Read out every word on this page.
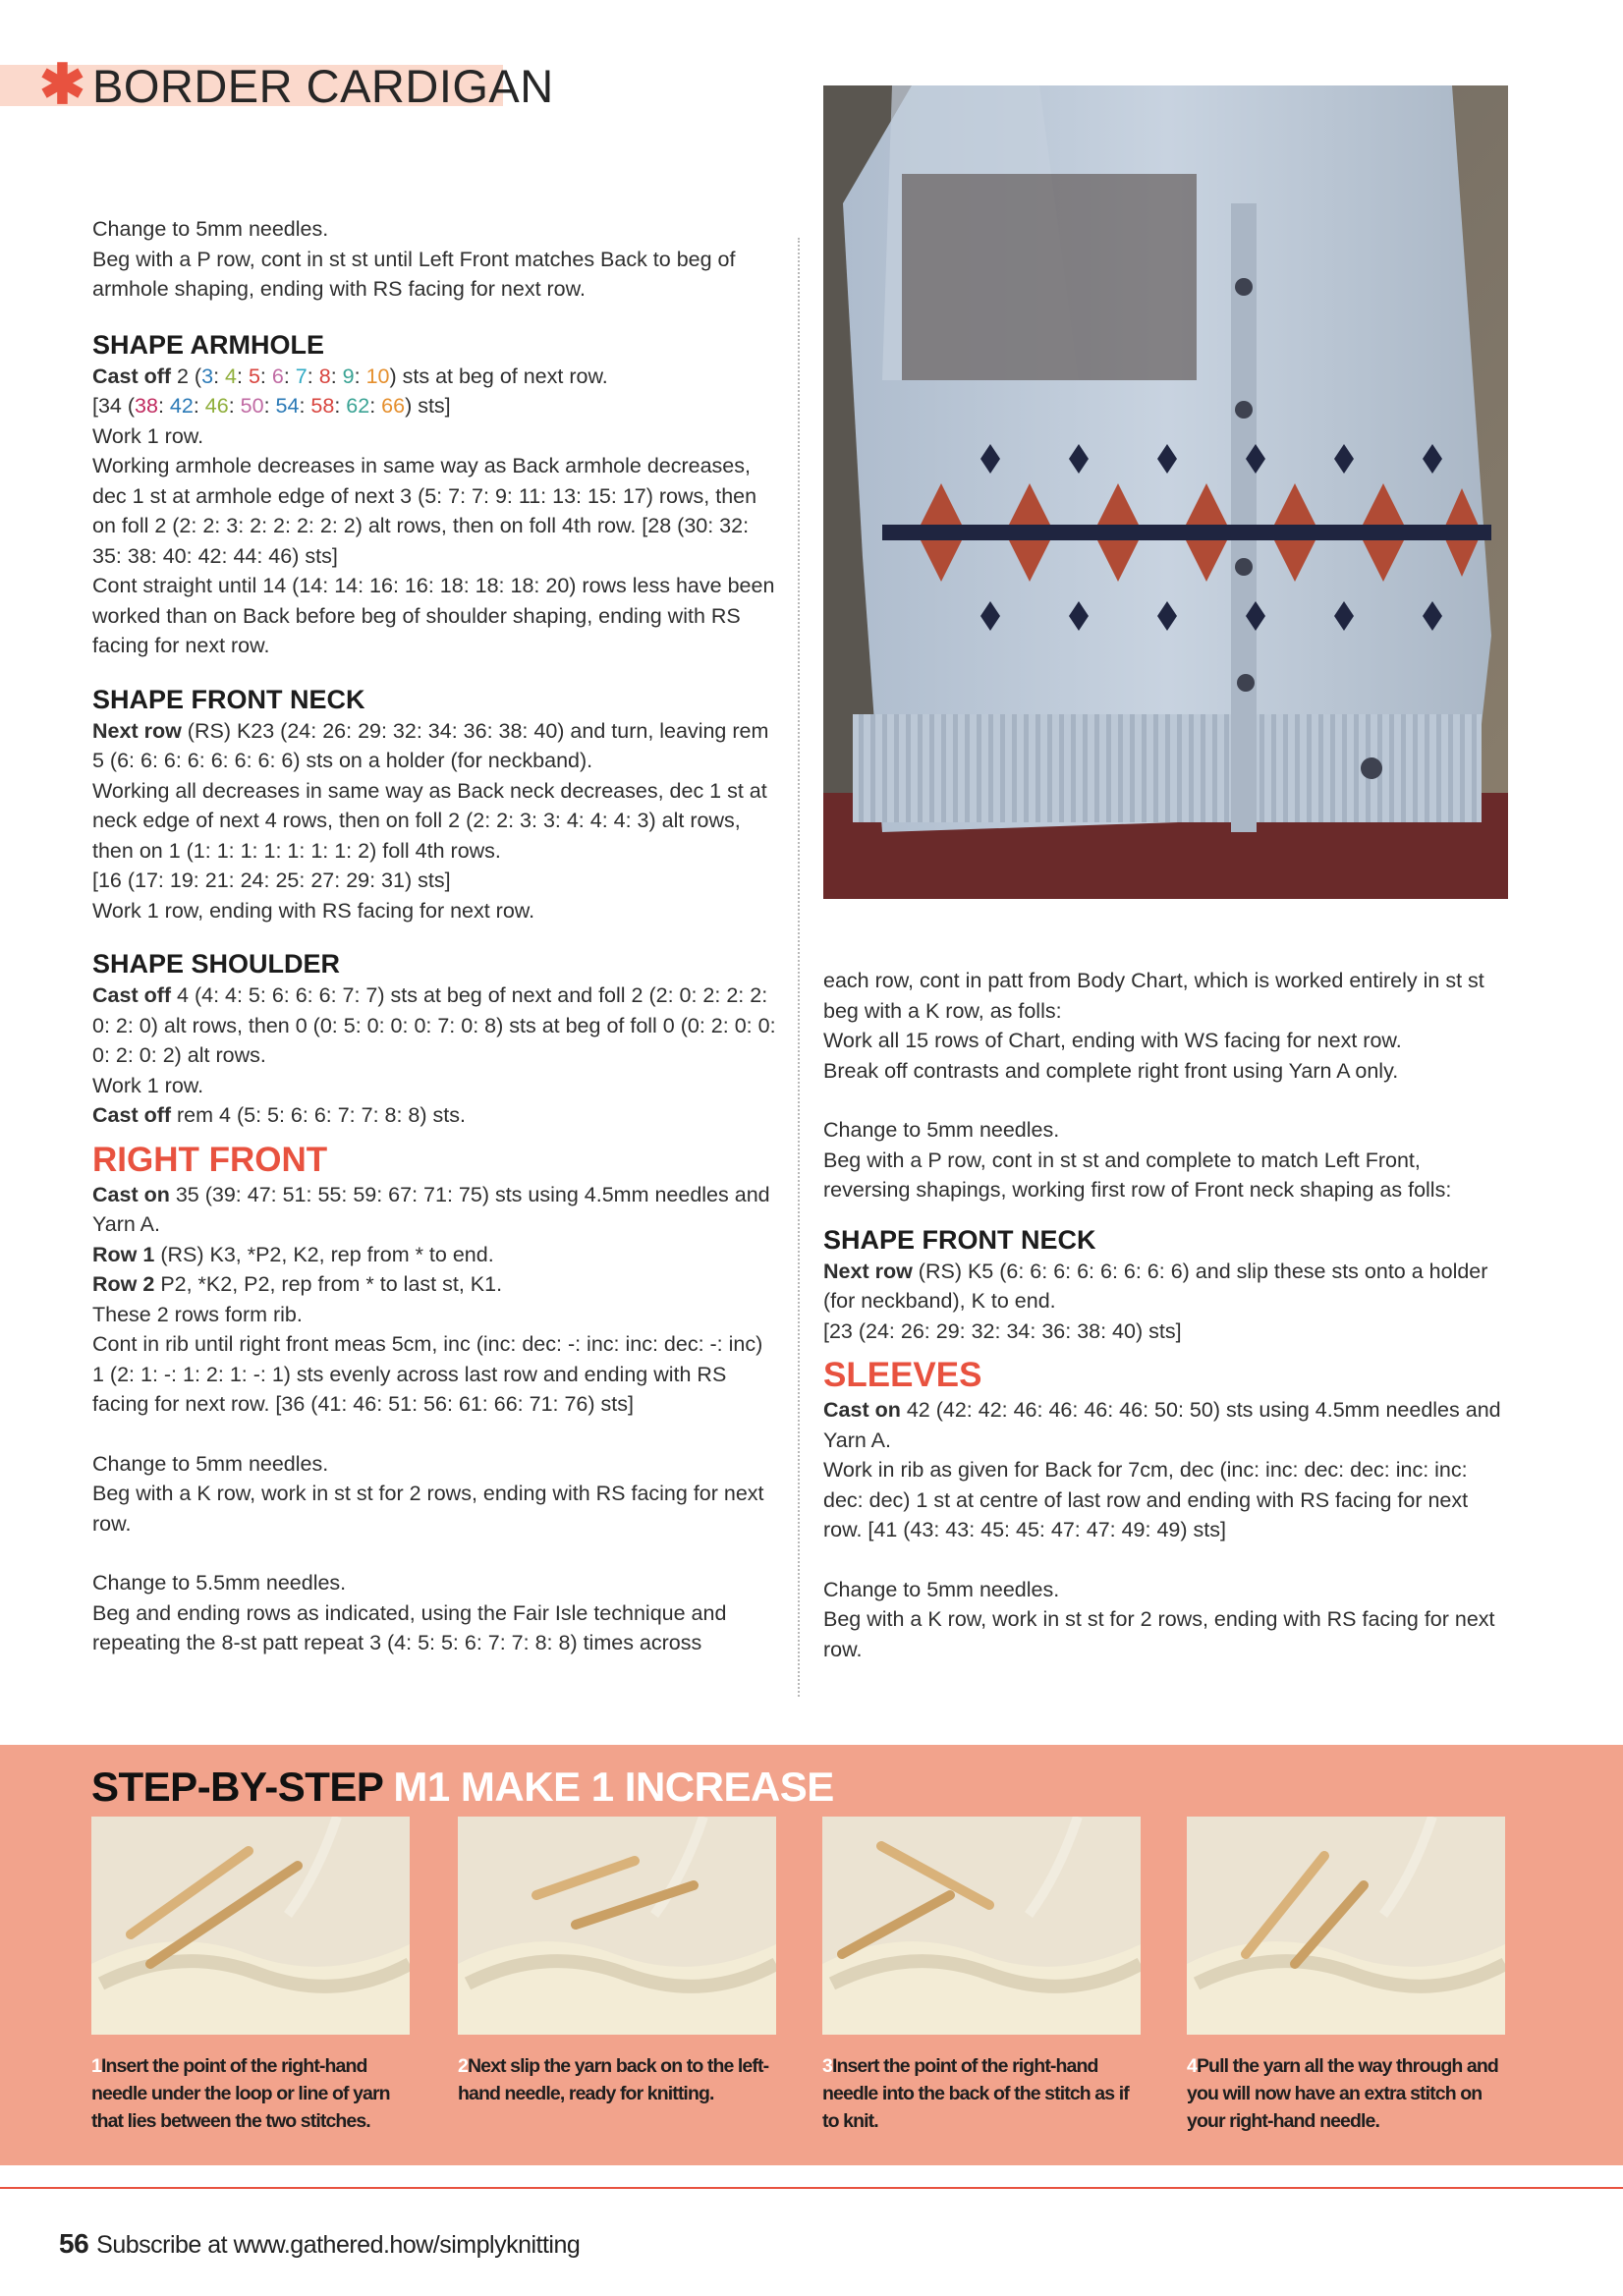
✱ BORDER CARDIGAN

Change to 5mm needles.

Beg with a P row, cont in st st until Left Front matches Back to beg of armhole shaping, ending with RS facing for next row.

SHAPE ARMHOLE

Cast off 2 (3: 4: 5: 6: 7: 8: 9: 10) sts at beg of next row.

[34 (38: 42: 46: 50: 54: 58: 62: 66) sts]

Work 1 row.

Working armhole decreases in same way as Back armhole decreases, dec 1 st at armhole edge of next 3 (5: 7: 7: 9: 11: 13: 15: 17) rows, then on foll 2 (2: 2: 3: 2: 2: 2: 2: 2) alt rows, then on foll 4th row. [28 (30: 32: 35: 38: 40: 42: 44: 46) sts]

Cont straight until 14 (14: 14: 16: 16: 18: 18: 18: 20) rows less have been worked than on Back before beg of shoulder shaping, ending with RS facing for next row.

SHAPE FRONT NECK

Next row (RS) K23 (24: 26: 29: 32: 34: 36: 38: 40) and turn, leaving rem 5 (6: 6: 6: 6: 6: 6: 6: 6) sts on a holder (for neckband).

Working all decreases in same way as Back neck decreases, dec 1 st at neck edge of next 4 rows, then on foll 2 (2: 2: 3: 3: 4: 4: 4: 3) alt rows, then on 1 (1: 1: 1: 1: 1: 1: 1: 2) foll 4th rows.

[16 (17: 19: 21: 24: 25: 27: 29: 31) sts]

Work 1 row, ending with RS facing for next row.

SHAPE SHOULDER

Cast off 4 (4: 4: 5: 6: 6: 6: 7: 7) sts at beg of next and foll 2 (2: 0: 2: 2: 2: 0: 2: 0) alt rows, then 0 (0: 5: 0: 0: 0: 7: 0: 8) sts at beg of foll 0 (0: 2: 0: 0: 0: 2: 0: 2) alt rows.

Work 1 row.

Cast off rem 4 (5: 5: 6: 6: 7: 7: 8: 8) sts.

RIGHT FRONT

Cast on 35 (39: 47: 51: 55: 59: 67: 71: 75) sts using 4.5mm needles and Yarn A.

Row 1 (RS) K3, *P2, K2, rep from * to end.

Row 2 P2, *K2, P2, rep from * to last st, K1.

These 2 rows form rib.

Cont in rib until right front meas 5cm, inc (inc: dec: -: inc: inc: dec: -: inc) 1 (2: 1: -: 1: 2: 1: -: 1) sts evenly across last row and ending with RS facing for next row. [36 (41: 46: 51: 56: 61: 66: 71: 76) sts]

Change to 5mm needles.

Beg with a K row, work in st st for 2 rows, ending with RS facing for next row.

Change to 5.5mm needles.

Beg and ending rows as indicated, using the Fair Isle technique and repeating the 8-st patt repeat 3 (4: 5: 5: 6: 7: 7: 8: 8) times across

each row, cont in patt from Body Chart, which is worked entirely in st st beg with a K row, as folls:

Work all 15 rows of Chart, ending with WS facing for next row.

Break off contrasts and complete right front using Yarn A only.

Change to 5mm needles.

Beg with a P row, cont in st st and complete to match Left Front, reversing shapings, working first row of Front neck shaping as folls:

SHAPE FRONT NECK

Next row (RS) K5 (6: 6: 6: 6: 6: 6: 6: 6) and slip these sts onto a holder (for neckband), K to end.

[23 (24: 26: 29: 32: 34: 36: 38: 40) sts]

SLEEVES

Cast on 42 (42: 42: 46: 46: 46: 46: 50: 50) sts using 4.5mm needles and Yarn A.

Work in rib as given for Back for 7cm, dec (inc: inc: dec: dec: inc: inc: dec: dec) 1 st at centre of last row and ending with RS facing for next row. [41 (43: 43: 45: 45: 47: 47: 49: 49) sts]

Change to 5mm needles.

Beg with a K row, work in st st for 2 rows, ending with RS facing for next row.

STEP-BY-STEP M1 MAKE 1 INCREASE
1Insert the point of the right-hand needle under the loop or line of yarn that lies between the two stitches.
2Next slip the yarn back on to the left-hand needle, ready for knitting.
3Insert the point of the right-hand needle into the back of the stitch as if to knit.
4Pull the yarn all the way through and you will now have an extra stitch on your right-hand needle.
56 Subscribe at www.gathered.how/simplyknitting
